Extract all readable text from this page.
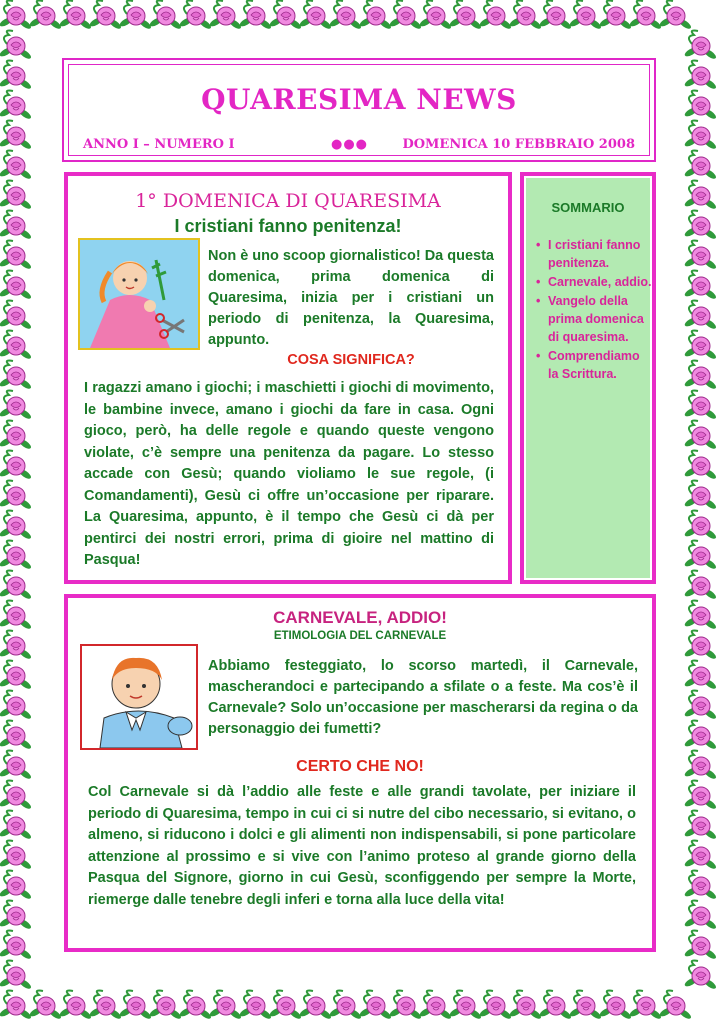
QUARESIMA NEWS
ANNO I – NUMERO I	●●●	DOMENICA 10 FEBBRAIO 2008
1° DOMENICA DI QUARESIMA
I cristiani fanno penitenza!
Non è uno scoop giornalistico! Da questa domenica, prima domenica di Quaresima, inizia per i cristiani un periodo di penitenza, la Quaresima, appunto.
COSA SIGNIFICA?
I ragazzi amano i giochi; i maschietti i giochi di movimento, le bambine invece, amano i giochi da fare in casa. Ogni gioco, però, ha delle regole e quando queste vengono violate, c’è sempre una penitenza da pagare. Lo stesso accade con Gesù; quando violiamo le sue regole, (i Comandamenti), Gesù ci offre un’occasione per riparare. La Quaresima, appunto, è il tempo che Gesù ci dà per pentirci dei nostri errori, prima di gioire nel mattino di Pasqua!
SOMMARIO
• I cristiani fanno penitenza.
• Carnevale, addio.
• Vangelo della prima domenica di quaresima.
• Comprendiamo la Scrittura.
CARNEVALE, ADDIO!
ETIMOLOGIA DEL CARNEVALE
Abbiamo festeggiato, lo scorso martedì, il Carnevale, mascherandoci e partecipando a sfilate o a feste. Ma cos’è il Carnevale? Solo un’occasione per mascherarsi da regina o da personaggio dei fumetti?
CERTO CHE NO!
Col Carnevale si dà l’addio alle feste e alle grandi tavolate, per iniziare il periodo di Quaresima, tempo in cui ci si nutre del cibo necessario, si evitano, o almeno, si riducono i dolci e gli alimenti non indispensabili, si pone particolare attenzione al prossimo e si vive con l’animo proteso al grande giorno della Pasqua del Signore, giorno in cui Gesù, sconfiggendo per sempre la Morte, riemerge dalle tenebre degli inferi e torna alla luce della vita!
